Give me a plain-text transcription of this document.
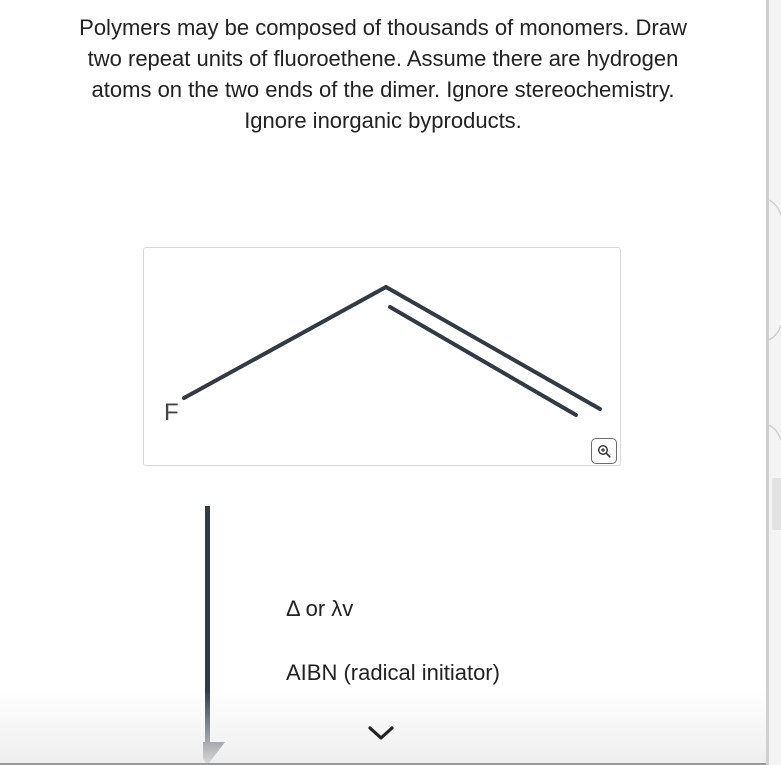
Polymers may be composed of thousands of monomers. Draw
two repeat units of fluoroethene. Assume there are hydrogen
atoms on the two ends of the dimer. Ignore stereochemistry.
Ignore inorganic byproducts.
F
Δ or λv
AIBN (radical initiator)
